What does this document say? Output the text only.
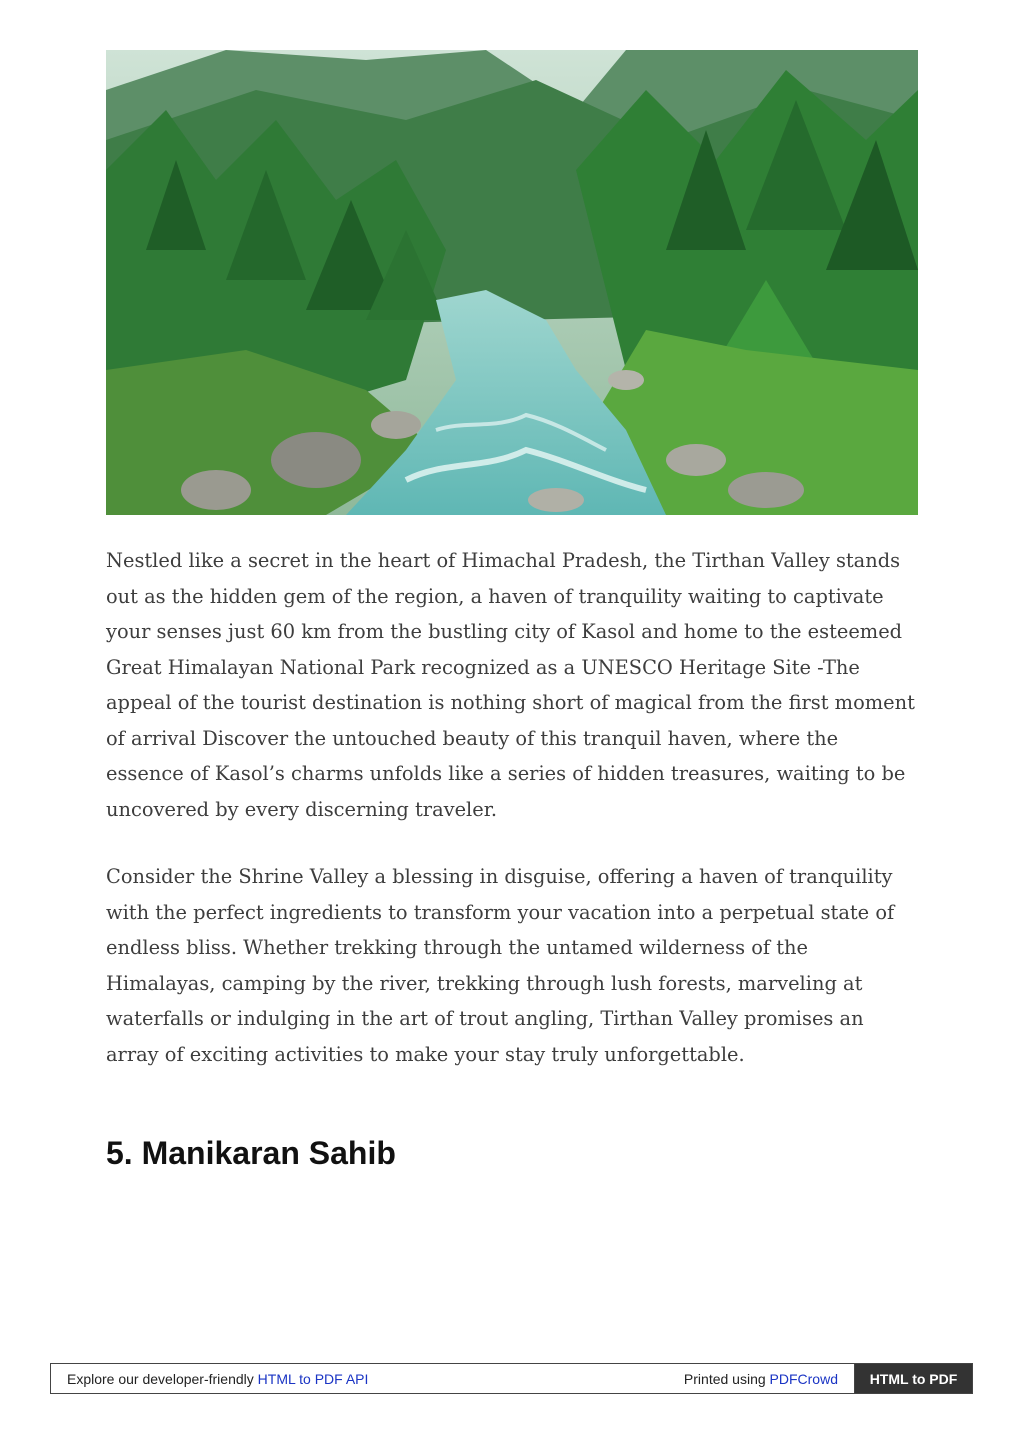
Nestled like a secret in the heart of Himachal Pradesh, the Tirthan Valley stands out as the hidden gem of the region, a haven of tranquility waiting to captivate your senses just 60 km from the bustling city of Kasol and home to the esteemed Great Himalayan National Park recognized as a UNESCO Heritage Site -The appeal of the tourist destination is nothing short of magical from the first moment of arrival Discover the untouched beauty of this tranquil haven, where the essence of Kasol’s charms unfolds like a series of hidden treasures, waiting to be uncovered by every discerning traveler.

Consider the Shrine Valley a blessing in disguise, offering a haven of tranquility with the perfect ingredients to transform your vacation into a perpetual state of endless bliss. Whether trekking through the untamed wilderness of the Himalayas, camping by the river, trekking through lush forests, marveling at waterfalls or indulging in the art of trout angling, Tirthan Valley promises an array of exciting activities to make your stay truly unforgettable.

5. Manikaran Sahib
Explore our developer-friendly HTML to PDF API	Printed using PDFCrowd	HTML to PDF
